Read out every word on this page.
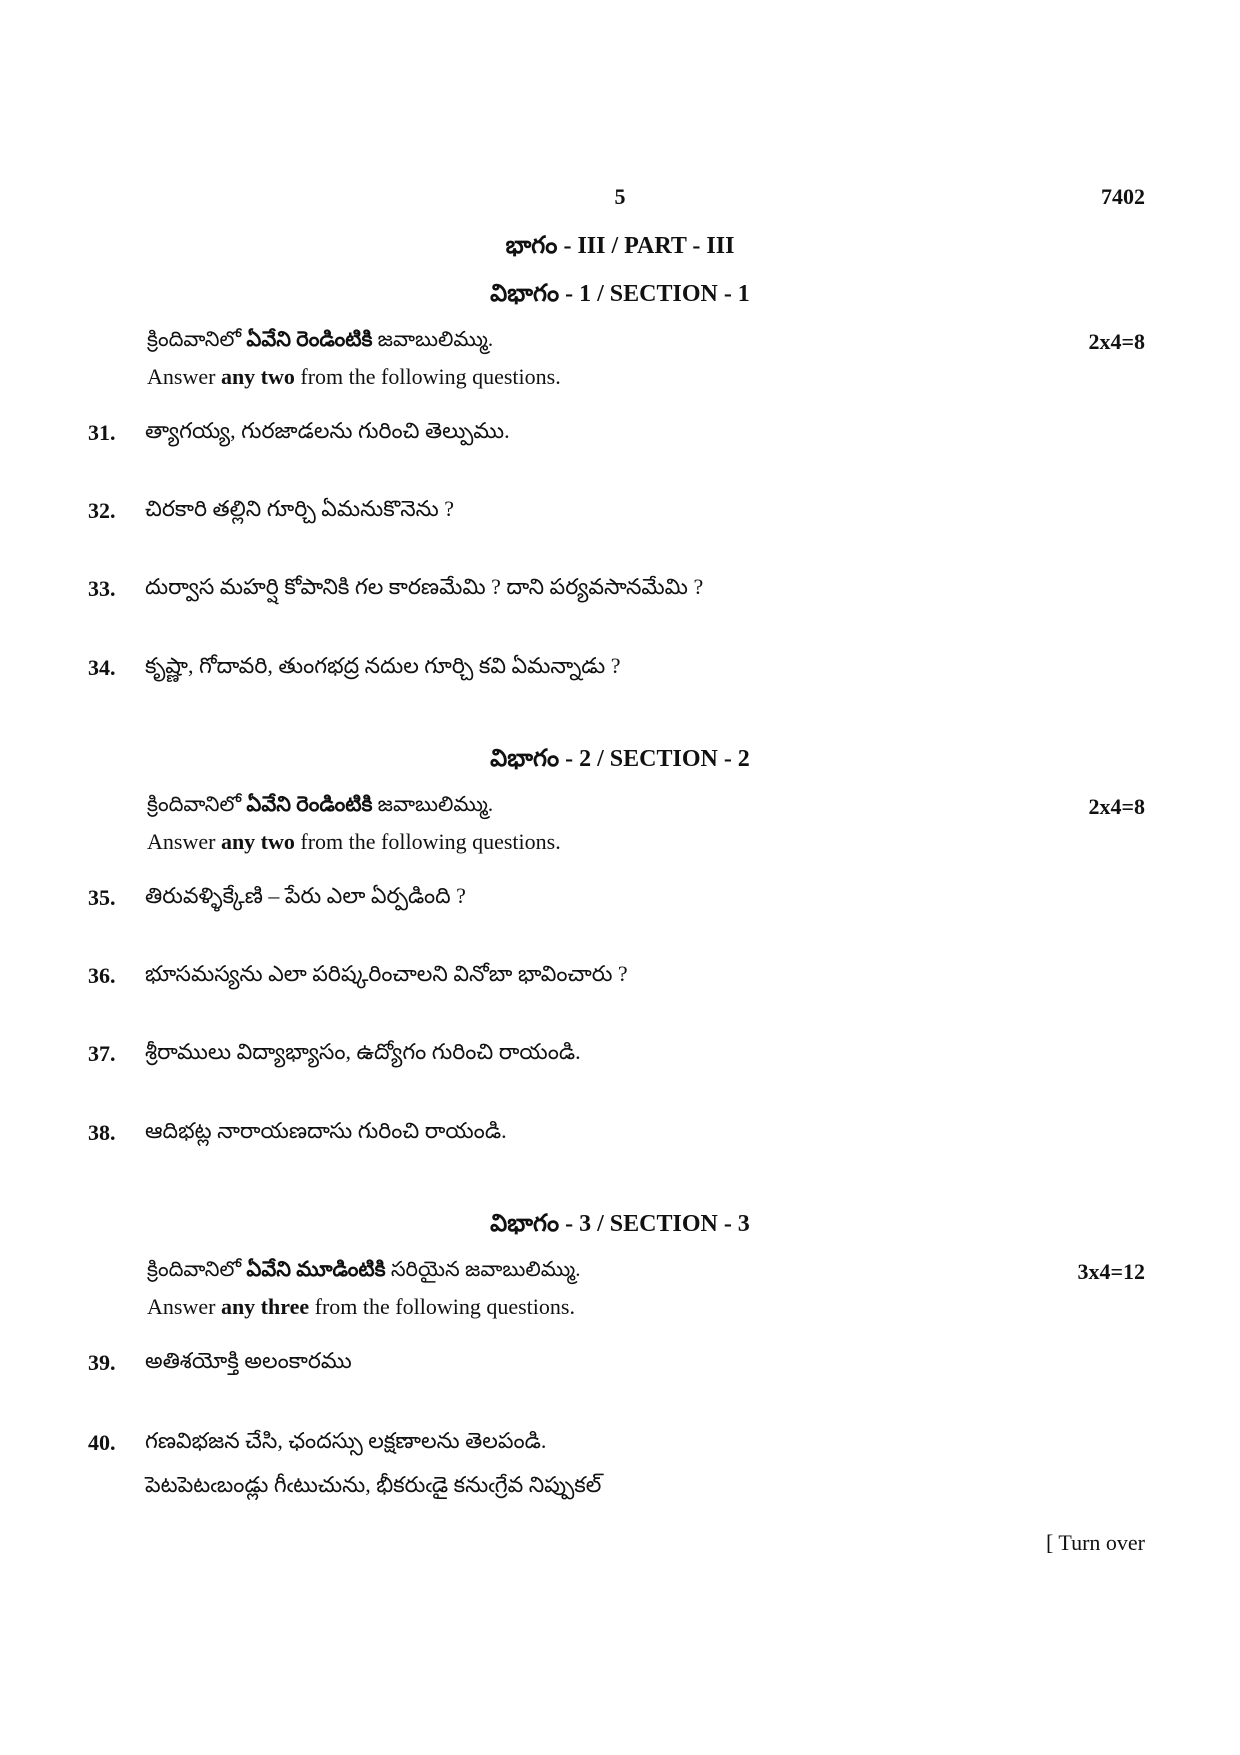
5	7402
భాగం - III / PART - III
విభాగం - 1 / SECTION - 1
క్రిందివానిలో ఏవేని రెండింటికి జవాబులిమ్ము.	2x4=8
Answer any two from the following questions.
31. త్యాగయ్య, గురజాడలను గురించి తెల్పుము.
32. చిరకారి తల్లిని గూర్చి ఏమనుకొనెను ?
33. దుర్వాస మహర్షి కోపానికి గల కారణమేమి ? దాని పర్యవసానమేమి ?
34. కృష్ణా, గోదావరి, తుంగభద్ర నదుల గూర్చి కవి ఏమన్నాడు ?
విభాగం - 2 / SECTION - 2
క్రిందివానిలో ఏవేని రెండింటికి జవాబులిమ్ము.	2x4=8
Answer any two from the following questions.
35. తిరువళ్ళిక్కేణి – పేరు ఎలా ఏర్పడింది ?
36. భూసమస్యను ఎలా పరిష్కరించాలని వినోబా భావించారు ?
37. శ్రీరాములు విద్యాభ్యాసం, ఉద్యోగం గురించి రాయండి.
38. ఆదిభట్ల నారాయణదాసు గురించి రాయండి.
విభాగం - 3 / SECTION - 3
క్రిందివానిలో ఏవేని మూడింటికి సరియైన జవాబులిమ్ము.	3x4=12
Answer any three from the following questions.
39. అతిశయోక్తి అలంకారము
40. గణవిభజన చేసి, ఛందస్సు లక్షణాలను తెలపండి.
పెటపెటఁబండ్లు గీఁటుచును, భీకరుఁడై కనుఁగ్రేవ నిప్పుకల్
[ Turn over
